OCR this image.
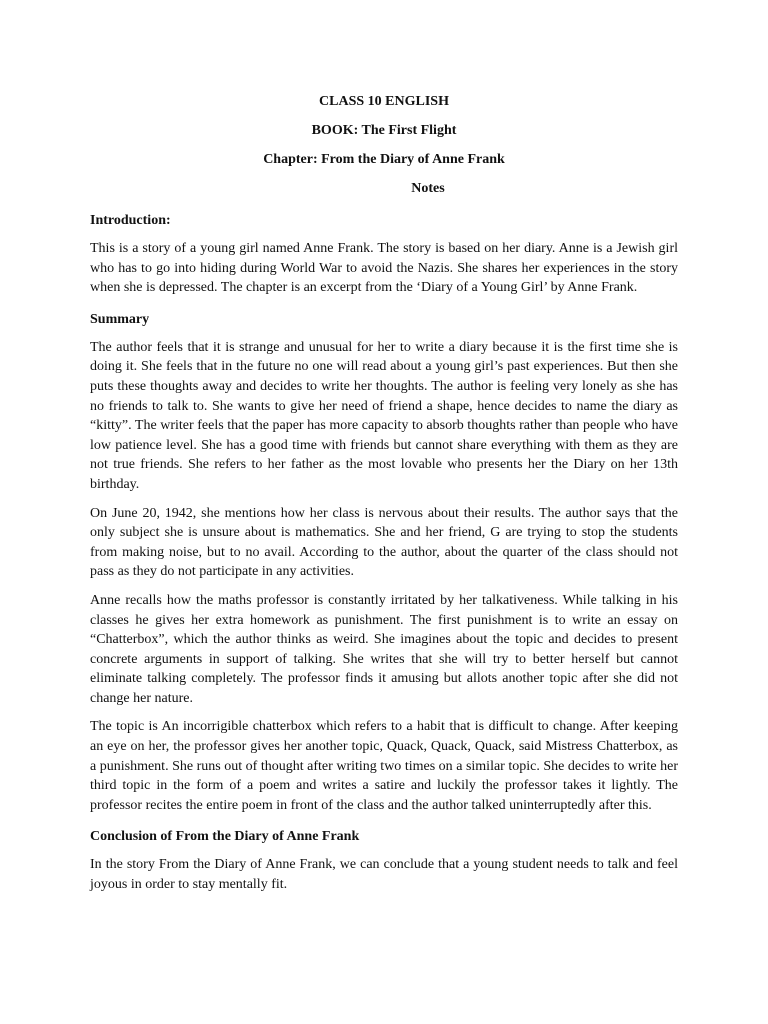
CLASS 10 ENGLISH
BOOK: The First Flight
Chapter: From the Diary of Anne Frank
Notes
Introduction:

This is a story of a young girl named Anne Frank. The story is based on her diary. Anne is a Jewish girl who has to go into hiding during World War to avoid the Nazis. She shares her experiences in the story when she is depressed. The chapter is an excerpt from the ‘Diary of a Young Girl’ by Anne Frank.

Summary

The author feels that it is strange and unusual for her to write a diary because it is the first time she is doing it. She feels that in the future no one will read about a young girl’s past experiences. But then she puts these thoughts away and decides to write her thoughts. The author is feeling very lonely as she has no friends to talk to. She wants to give her need of friend a shape, hence decides to name the diary as “kitty”. The writer feels that the paper has more capacity to absorb thoughts rather than people who have low patience level. She has a good time with friends but cannot share everything with them as they are not true friends. She refers to her father as the most lovable who presents her the Diary on her 13th birthday.

On June 20, 1942, she mentions how her class is nervous about their results. The author says that the only subject she is unsure about is mathematics. She and her friend, G are trying to stop the students from making noise, but to no avail. According to the author, about the quarter of the class should not pass as they do not participate in any activities.

Anne recalls how the maths professor is constantly irritated by her talkativeness. While talking in his classes he gives her extra homework as punishment. The first punishment is to write an essay on “Chatterbox”, which the author thinks as weird. She imagines about the topic and decides to present concrete arguments in support of talking. She writes that she will try to better herself but cannot eliminate talking completely. The professor finds it amusing but allots another topic after she did not change her nature.

The topic is An incorrigible chatterbox which refers to a habit that is difficult to change. After keeping an eye on her, the professor gives her another topic, Quack, Quack, Quack, said Mistress Chatterbox, as a punishment. She runs out of thought after writing two times on a similar topic. She decides to write her third topic in the form of a poem and writes a satire and luckily the professor takes it lightly. The professor recites the entire poem in front of the class and the author talked uninterruptedly after this.

Conclusion of From the Diary of Anne Frank

In the story From the Diary of Anne Frank, we can conclude that a young student needs to talk and feel joyous in order to stay mentally fit.
